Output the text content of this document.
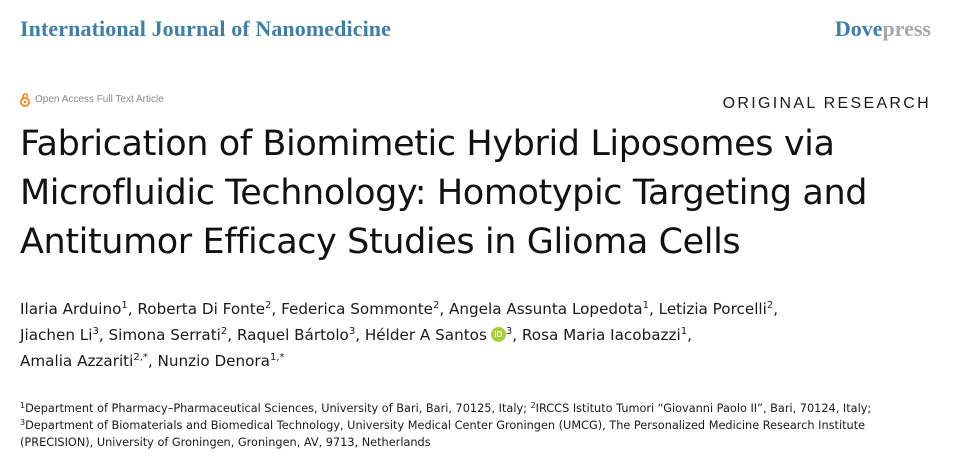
International Journal of Nanomedicine	Dovepress
Open Access Full Text Article	ORIGINAL RESEARCH
Fabrication of Biomimetic Hybrid Liposomes via
Microfluidic Technology: Homotypic Targeting and
Antitumor Efficacy Studies in Glioma Cells

Ilaria Arduino$^1$, Roberta Di Fonte$^2$, Federica Sommonte$^2$, Angela Assunta Lopedota$^1$, Letizia Porcelli$^2$,
Jiachen Li$^3$, Simona Serrati$^2$, Raquel Bártolo$^3$, Hélder A SantosiD $^3$, Rosa Maria Iacobazzi$^1$,
Amalia Azzariti$^{2,*}$, Nunzio Denora$^{1,*}$

$^1$Department of Pharmacy–Pharmaceutical Sciences, University of Bari, Bari, 70125, Italy; $^2$IRCCS Istituto Tumori “Giovanni Paolo II”, Bari, 70124, Italy; $^3$Department of Biomaterials and Biomedical Technology, University Medical Center Groningen (UMCG), The Personalized Medicine Research Institute (PRECISION), University of Groningen, Groningen, AV, 9713, Netherlands
